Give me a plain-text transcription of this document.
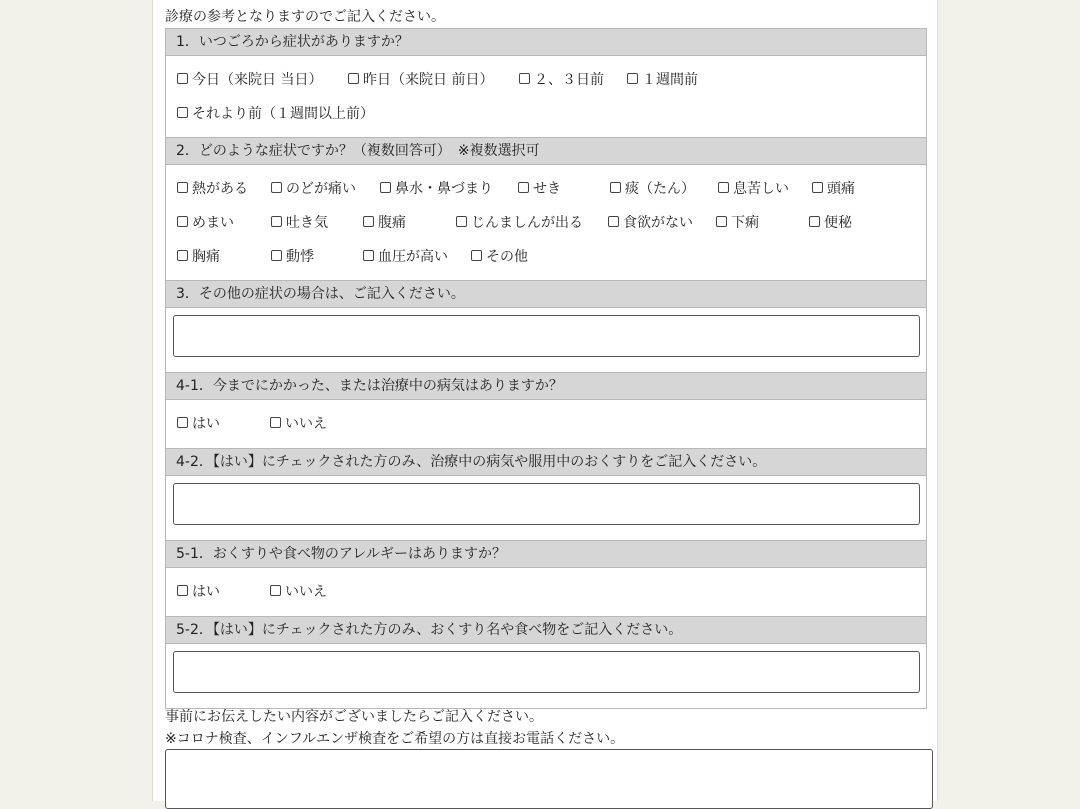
診療の参考となりますのでご記入ください。
1．いつごろから症状がありますか？
今日（来院日 当日）	昨日（来院日 前日）	２、３日前	１週間前
それより前（１週間以上前）
2．どのような症状ですか？（複数回答可）　※複数選択可
熱がある	のどが痛い	鼻水・鼻づまり	せき	痰（たん）	息苦しい	頭痛
めまい	吐き気	腹痛	じんましんが出る	食欲がない	下痢	便秘
胸痛	動悸	血圧が高い	その他
3．その他の症状の場合は、ご記入ください。
4-1．今までにかかった、または治療中の病気はありますか？
はい	いいえ
4-2．【はい】にチェックされた方のみ、治療中の病気や服用中のおくすりをご記入ください。
5-1．おくすりや食べ物のアレルギーはありますか？
はい	いいえ
5-2．【はい】にチェックされた方のみ、おくすり名や食べ物をご記入ください。
事前にお伝えしたい内容がございましたらご記入ください。
※コロナ検査、インフルエンザ検査をご希望の方は直接お電話ください。
